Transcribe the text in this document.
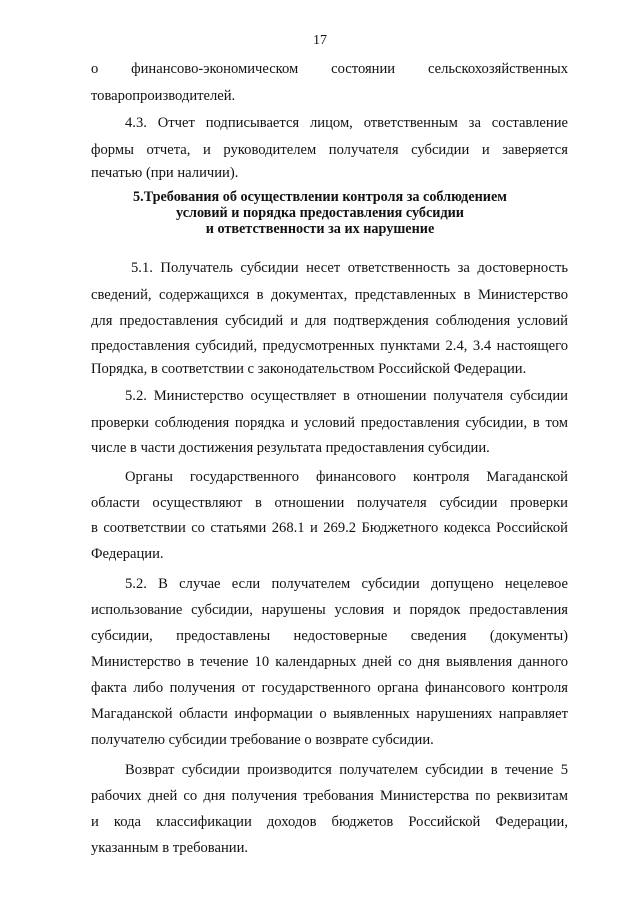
17
о финансово-экономическом состоянии сельскохозяйственных
товаропроизводителей.
4.3. Отчет подписывается лицом, ответственным за составление
формы отчета, и руководителем получателя субсидии и заверяется
печатью (при наличии).
5.Требования об осуществлении контроля за соблюдением
условий и порядка предоставления субсидии
и ответственности за их нарушение
5.1. Получатель субсидии несет ответственность за достоверность
сведений, содержащихся в документах, представленных в Министерство
для предоставления субсидий и для подтверждения соблюдения условий
предоставления субсидий, предусмотренных пунктами 2.4, 3.4 настоящего
Порядка, в соответствии с законодательством Российской Федерации.
5.2. Министерство осуществляет в отношении получателя субсидии
проверки соблюдения порядка и условий предоставления субсидии, в том
числе в части достижения результата предоставления субсидии.
Органы государственного финансового контроля Магаданской
области осуществляют в отношении получателя субсидии проверки
в соответствии со статьями 268.1 и 269.2 Бюджетного кодекса Российской
Федерации.
5.2. В случае если получателем субсидии допущено нецелевое
использование субсидии, нарушены условия и порядок предоставления
субсидии, предоставлены недостоверные сведения (документы)
Министерство в течение 10 календарных дней со дня выявления данного
факта либо получения от государственного органа финансового контроля
Магаданской области информации о выявленных нарушениях направляет
получателю субсидии требование о возврате субсидии.
Возврат субсидии производится получателем субсидии в течение 5
рабочих дней со дня получения требования Министерства по реквизитам
и кода классификации доходов бюджетов Российской Федерации,
указанным в требовании.
